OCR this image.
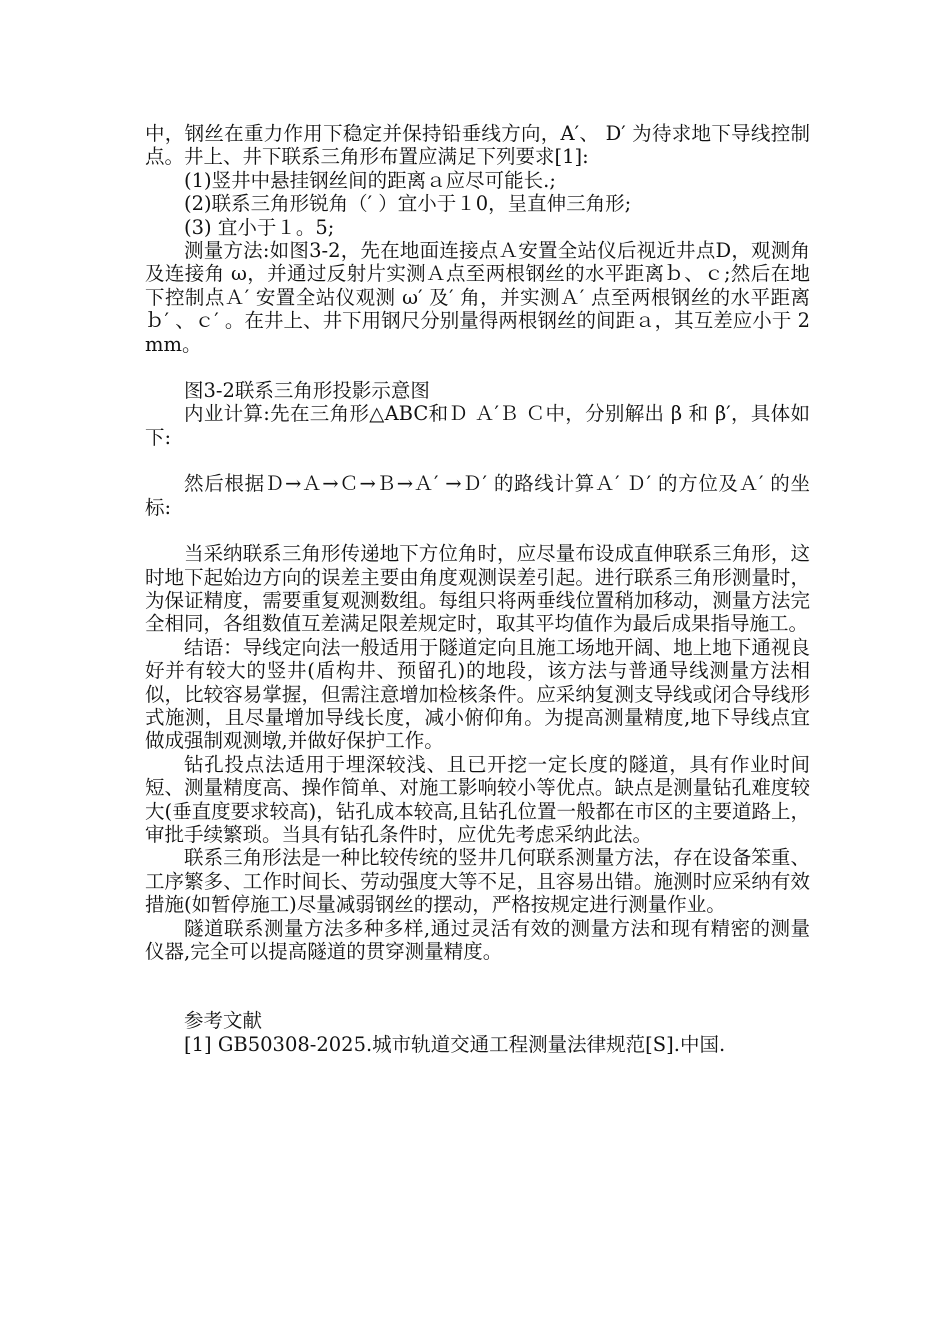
中，钢丝在重力作用下稳定并保持铅垂线方向，A′、 D′ 为待求地下导线控制点。井上、井下联系三角形布置应满足下列要求[1]:

(1)竖井中悬挂钢丝间的距离ａ应尽可能长.;

(2)联系三角形锐角（′ ）宜小于１0，呈直伸三角形;

(3) 宜小于１。5;

测量方法:如图3-2，先在地面连接点Ａ安置全站仪后视近井点D，观测角及连接角 ω，并通过反射片实测Ａ点至两根钢丝的水平距离ｂ、ｃ;然后在地下控制点Ａ′ 安置全站仪观测 ω′ 及′ 角，并实测Ａ′ 点至两根钢丝的水平距离ｂ′ 、ｃ′ 。在井上、井下用钢尺分别量得两根钢丝的间距ａ，其互差应小于 2mm。

图3-2联系三角形投影示意图

内业计算:先在三角形△ABC和Ｄ Ａ′Ｂ Ｃ中，分别解出 β 和 β′，具体如下:

然后根据Ｄ→Ａ→Ｃ→Ｂ→Ａ′ →Ｄ′ 的路线计算Ａ′ Ｄ′ 的方位及Ａ′ 的坐标:

当采纳联系三角形传递地下方位角时，应尽量布设成直伸联系三角形，这时地下起始边方向的误差主要由角度观测误差引起。进行联系三角形测量时，为保证精度，需要重复观测数组。每组只将两垂线位置稍加移动，测量方法完全相同，各组数值互差满足限差规定时，取其平均值作为最后成果指导施工。

结语：导线定向法一般适用于隧道定向且施工场地开阔、地上地下通视良好并有较大的竖井(盾构井、预留孔)的地段，该方法与普通导线测量方法相似，比较容易掌握，但需注意增加检核条件。应采纳复测支导线或闭合导线形式施测，且尽量增加导线长度，减小俯仰角。为提高测量精度,地下导线点宜做成强制观测墩,并做好保护工作。

钻孔投点法适用于埋深较浅、且已开挖一定长度的隧道，具有作业时间短、测量精度高、操作简单、对施工影响较小等优点。缺点是测量钻孔难度较大(垂直度要求较高)，钻孔成本较高,且钻孔位置一般都在市区的主要道路上，审批手续繁琐。当具有钻孔条件时，应优先考虑采纳此法。

联系三角形法是一种比较传统的竖井几何联系测量方法，存在设备笨重、工序繁多、工作时间长、劳动强度大等不足，且容易出错。施测时应采纳有效措施(如暂停施工)尽量减弱钢丝的摆动，严格按规定进行测量作业。

隧道联系测量方法多种多样,通过灵活有效的测量方法和现有精密的测量仪器,完全可以提高隧道的贯穿测量精度。

参考文献

[1] GB50308-2025.城市轨道交通工程测量法律规范[S].中国.
